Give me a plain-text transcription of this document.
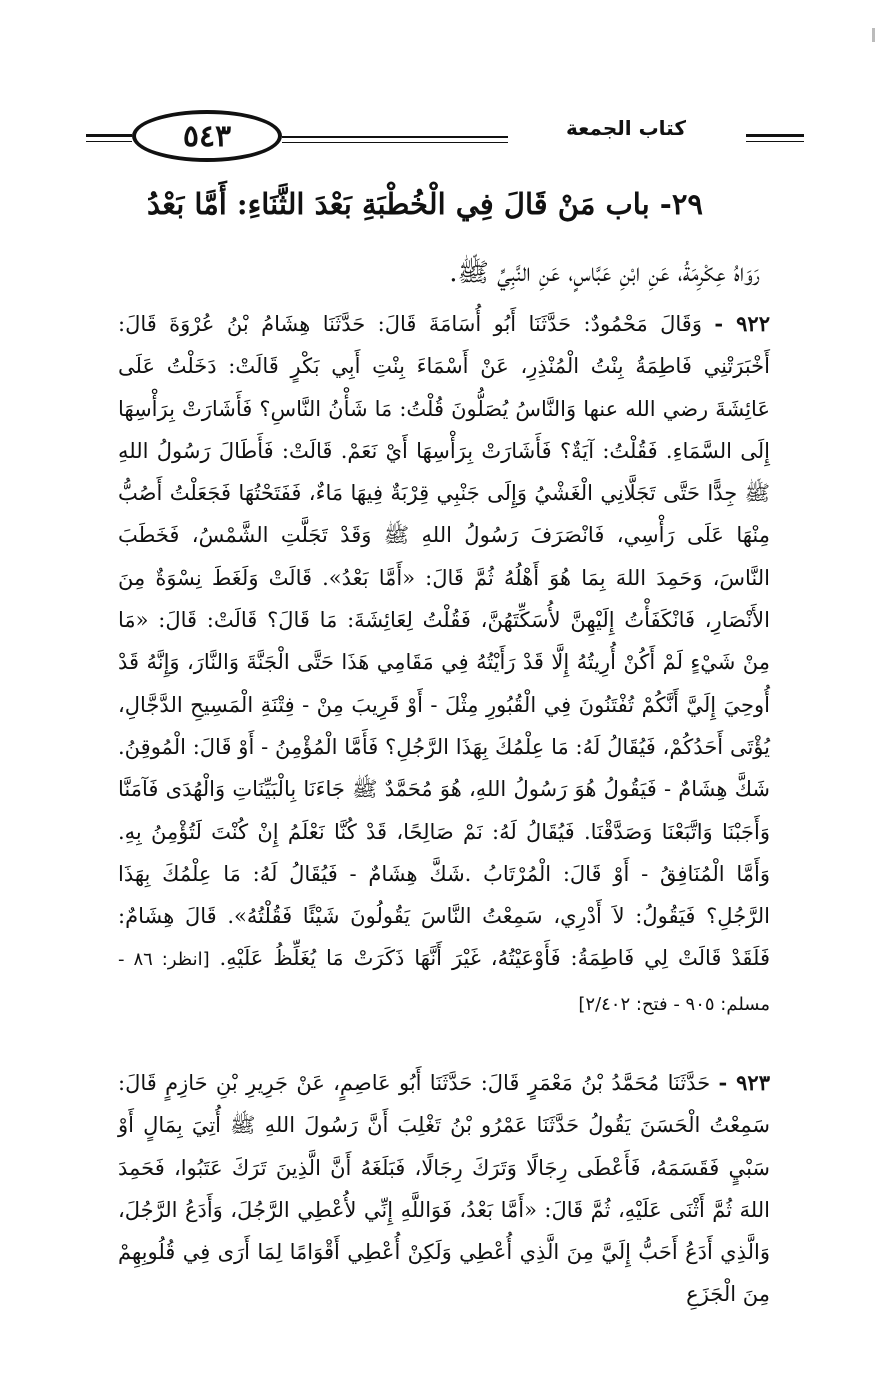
٥٤٣	كتاب الجمعة
٢٩- باب مَنْ قَالَ فِي الْخُطْبَةِ بَعْدَ الثَّنَاءِ: أَمَّا بَعْدُ
رَوَاهُ عِكْرِمَةُ، عَنِ ابْنِ عَبَّاسٍ، عَنِ النَّبِيِّ ﷺ.
٩٢٢ - وَقَالَ مَحْمُودٌ: حَدَّثَنَا أَبُو أُسَامَةَ قَالَ: حَدَّثَنَا هِشَامُ بْنُ عُرْوَةَ قَالَ: أَخْبَرَتْنِي فَاطِمَةُ بِنْتُ الْمُنْذِرِ، عَنْ أَسْمَاءَ بِنْتِ أَبِي بَكْرٍ قَالَتْ: دَخَلْتُ عَلَى عَائِشَةَ رضي الله عنها وَالنَّاسُ يُصَلُّونَ قُلْتُ: مَا شَأْنُ النَّاسِ؟ فَأَشَارَتْ بِرَأْسِهَا إِلَى السَّمَاءِ. فَقُلْتُ: آيَةٌ؟ فَأَشَارَتْ بِرَأْسِهَا أَيْ نَعَمْ. قَالَتْ: فَأَطَالَ رَسُولُ اللهِ ﷺ جِدًّا حَتَّى تَجَلَّانِي الْغَشْيُ وَإِلَى جَنْبِي قِرْبَةٌ فِيهَا مَاءٌ، فَفَتَحْتُهَا فَجَعَلْتُ أَصُبُّ مِنْهَا عَلَى رَأْسِي، فَانْصَرَفَ رَسُولُ اللهِ ﷺ وَقَدْ تَجَلَّتِ الشَّمْسُ، فَخَطَبَ النَّاسَ، وَحَمِدَ اللهَ بِمَا هُوَ أَهْلُهُ ثُمَّ قَالَ: «أَمَّا بَعْدُ». قَالَتْ وَلَغَطَ نِسْوَةٌ مِنَ الأَنْصَارِ، فَانْكَفَأْتُ إِلَيْهِنَّ لأُسَكِّتَهُنَّ، فَقُلْتُ لِعَائِشَةَ: مَا قَالَ؟ قَالَتْ: قَالَ: «مَا مِنْ شَيْءٍ لَمْ أَكُنْ أُرِيتُهُ إِلَّا قَدْ رَأَيْتُهُ فِي مَقَامِي هَذَا حَتَّى الْجَنَّةَ وَالنَّارَ، وَإِنَّهُ قَدْ أُوحِيَ إِلَيَّ أَنَّكُمْ تُفْتَنُونَ فِي الْقُبُورِ مِثْلَ - أَوْ قَرِيبَ مِنْ - فِتْنَةِ الْمَسِيحِ الدَّجَّالِ، يُؤْتَى أَحَدُكُمْ، فَيُقَالُ لَهُ: مَا عِلْمُكَ بِهَذَا الرَّجُلِ؟ فَأَمَّا الْمُؤْمِنُ - أَوْ قَالَ: الْمُوقِنُ. شَكَّ هِشَامٌ - فَيَقُولُ هُوَ رَسُولُ اللهِ، هُوَ مُحَمَّدٌ ﷺ جَاءَنَا بِالْبَيِّنَاتِ وَالْهُدَى فَآمَنَّا وَأَجَبْنَا وَاتَّبَعْنَا وَصَدَّقْنَا. فَيُقَالُ لَهُ: نَمْ صَالِحًا، قَدْ كُنَّا نَعْلَمُ إِنْ كُنْتَ لَتُؤْمِنُ بِهِ. وَأَمَّا الْمُنَافِقُ - أَوْ قَالَ: الْمُرْتَابُ .شَكَّ هِشَامٌ - فَيُقَالُ لَهُ: مَا عِلْمُكَ بِهَذَا الرَّجُلِ؟ فَيَقُولُ: لاَ أَدْرِي، سَمِعْتُ النَّاسَ يَقُولُونَ شَيْئًا فَقُلْتُهُ». قَالَ هِشَامٌ: فَلَقَدْ قَالَتْ لِي فَاطِمَةُ: فَأَوْعَيْتُهُ، غَيْرَ أَنَّهَا ذَكَرَتْ مَا يُغَلِّظُ عَلَيْهِ. [انظر: ٨٦ - مسلم: ٩٠٥ - فتح: ٢/٤٠٢]
٩٢٣ - حَدَّثَنَا مُحَمَّدُ بْنُ مَعْمَرٍ قَالَ: حَدَّثَنَا أَبُو عَاصِمٍ، عَنْ جَرِيرِ بْنِ حَازِمٍ قَالَ: سَمِعْتُ الْحَسَنَ يَقُولُ حَدَّثَنَا عَمْرُو بْنُ تَغْلِبَ أَنَّ رَسُولَ اللهِ ﷺ أُتِيَ بِمَالٍ أَوْ سَبْيٍ فَقَسَمَهُ، فَأَعْطَى رِجَالًا وَتَرَكَ رِجَالًا، فَبَلَغَهُ أَنَّ الَّذِينَ تَرَكَ عَتَبُوا، فَحَمِدَ اللهَ ثُمَّ أَثْنَى عَلَيْهِ، ثُمَّ قَالَ: «أَمَّا بَعْدُ، فَوَاللَّهِ إِنِّي لأُعْطِي الرَّجُلَ، وَأَدَعُ الرَّجُلَ، وَالَّذِي أَدَعُ أَحَبُّ إِلَيَّ مِنَ الَّذِي أُعْطِي وَلَكِنْ أُعْطِي أَقْوَامًا لِمَا أَرَى فِي قُلُوبِهِمْ مِنَ الْجَزَعِ
